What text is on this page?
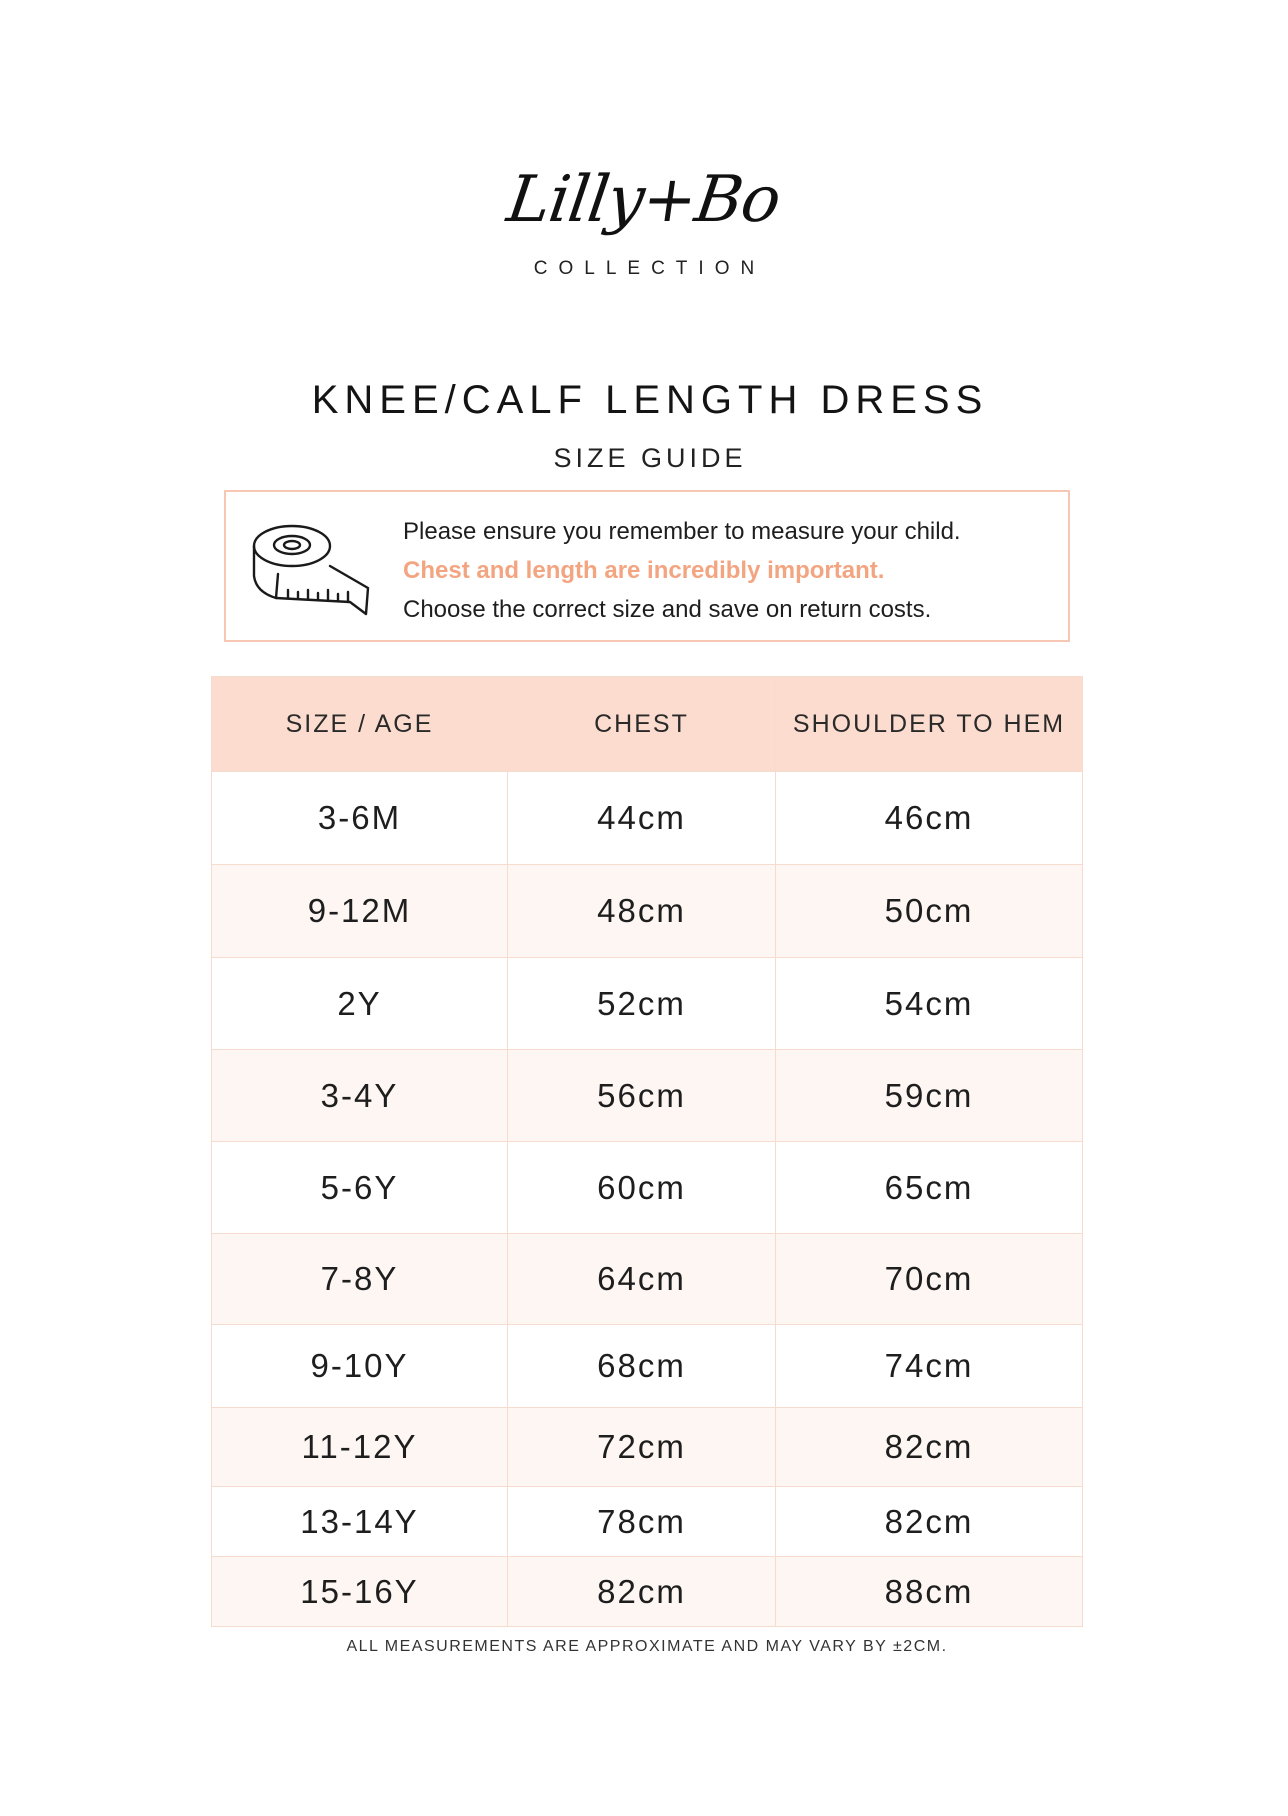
Lilly+Bo
COLLECTION
KNEE/CALF LENGTH DRESS
SIZE GUIDE
Please ensure you remember to measure your child.
Chest and length are incredibly important.
Choose the correct size and save on return costs.
SIZE / AGE	CHEST	SHOULDER TO HEM
3-6M	44cm	46cm
9-12M	48cm	50cm
2Y	52cm	54cm
3-4Y	56cm	59cm
5-6Y	60cm	65cm
7-8Y	64cm	70cm
9-10Y	68cm	74cm
11-12Y	72cm	82cm
13-14Y	78cm	82cm
15-16Y	82cm	88cm
ALL MEASUREMENTS ARE APPROXIMATE AND MAY VARY BY ±2CM.
